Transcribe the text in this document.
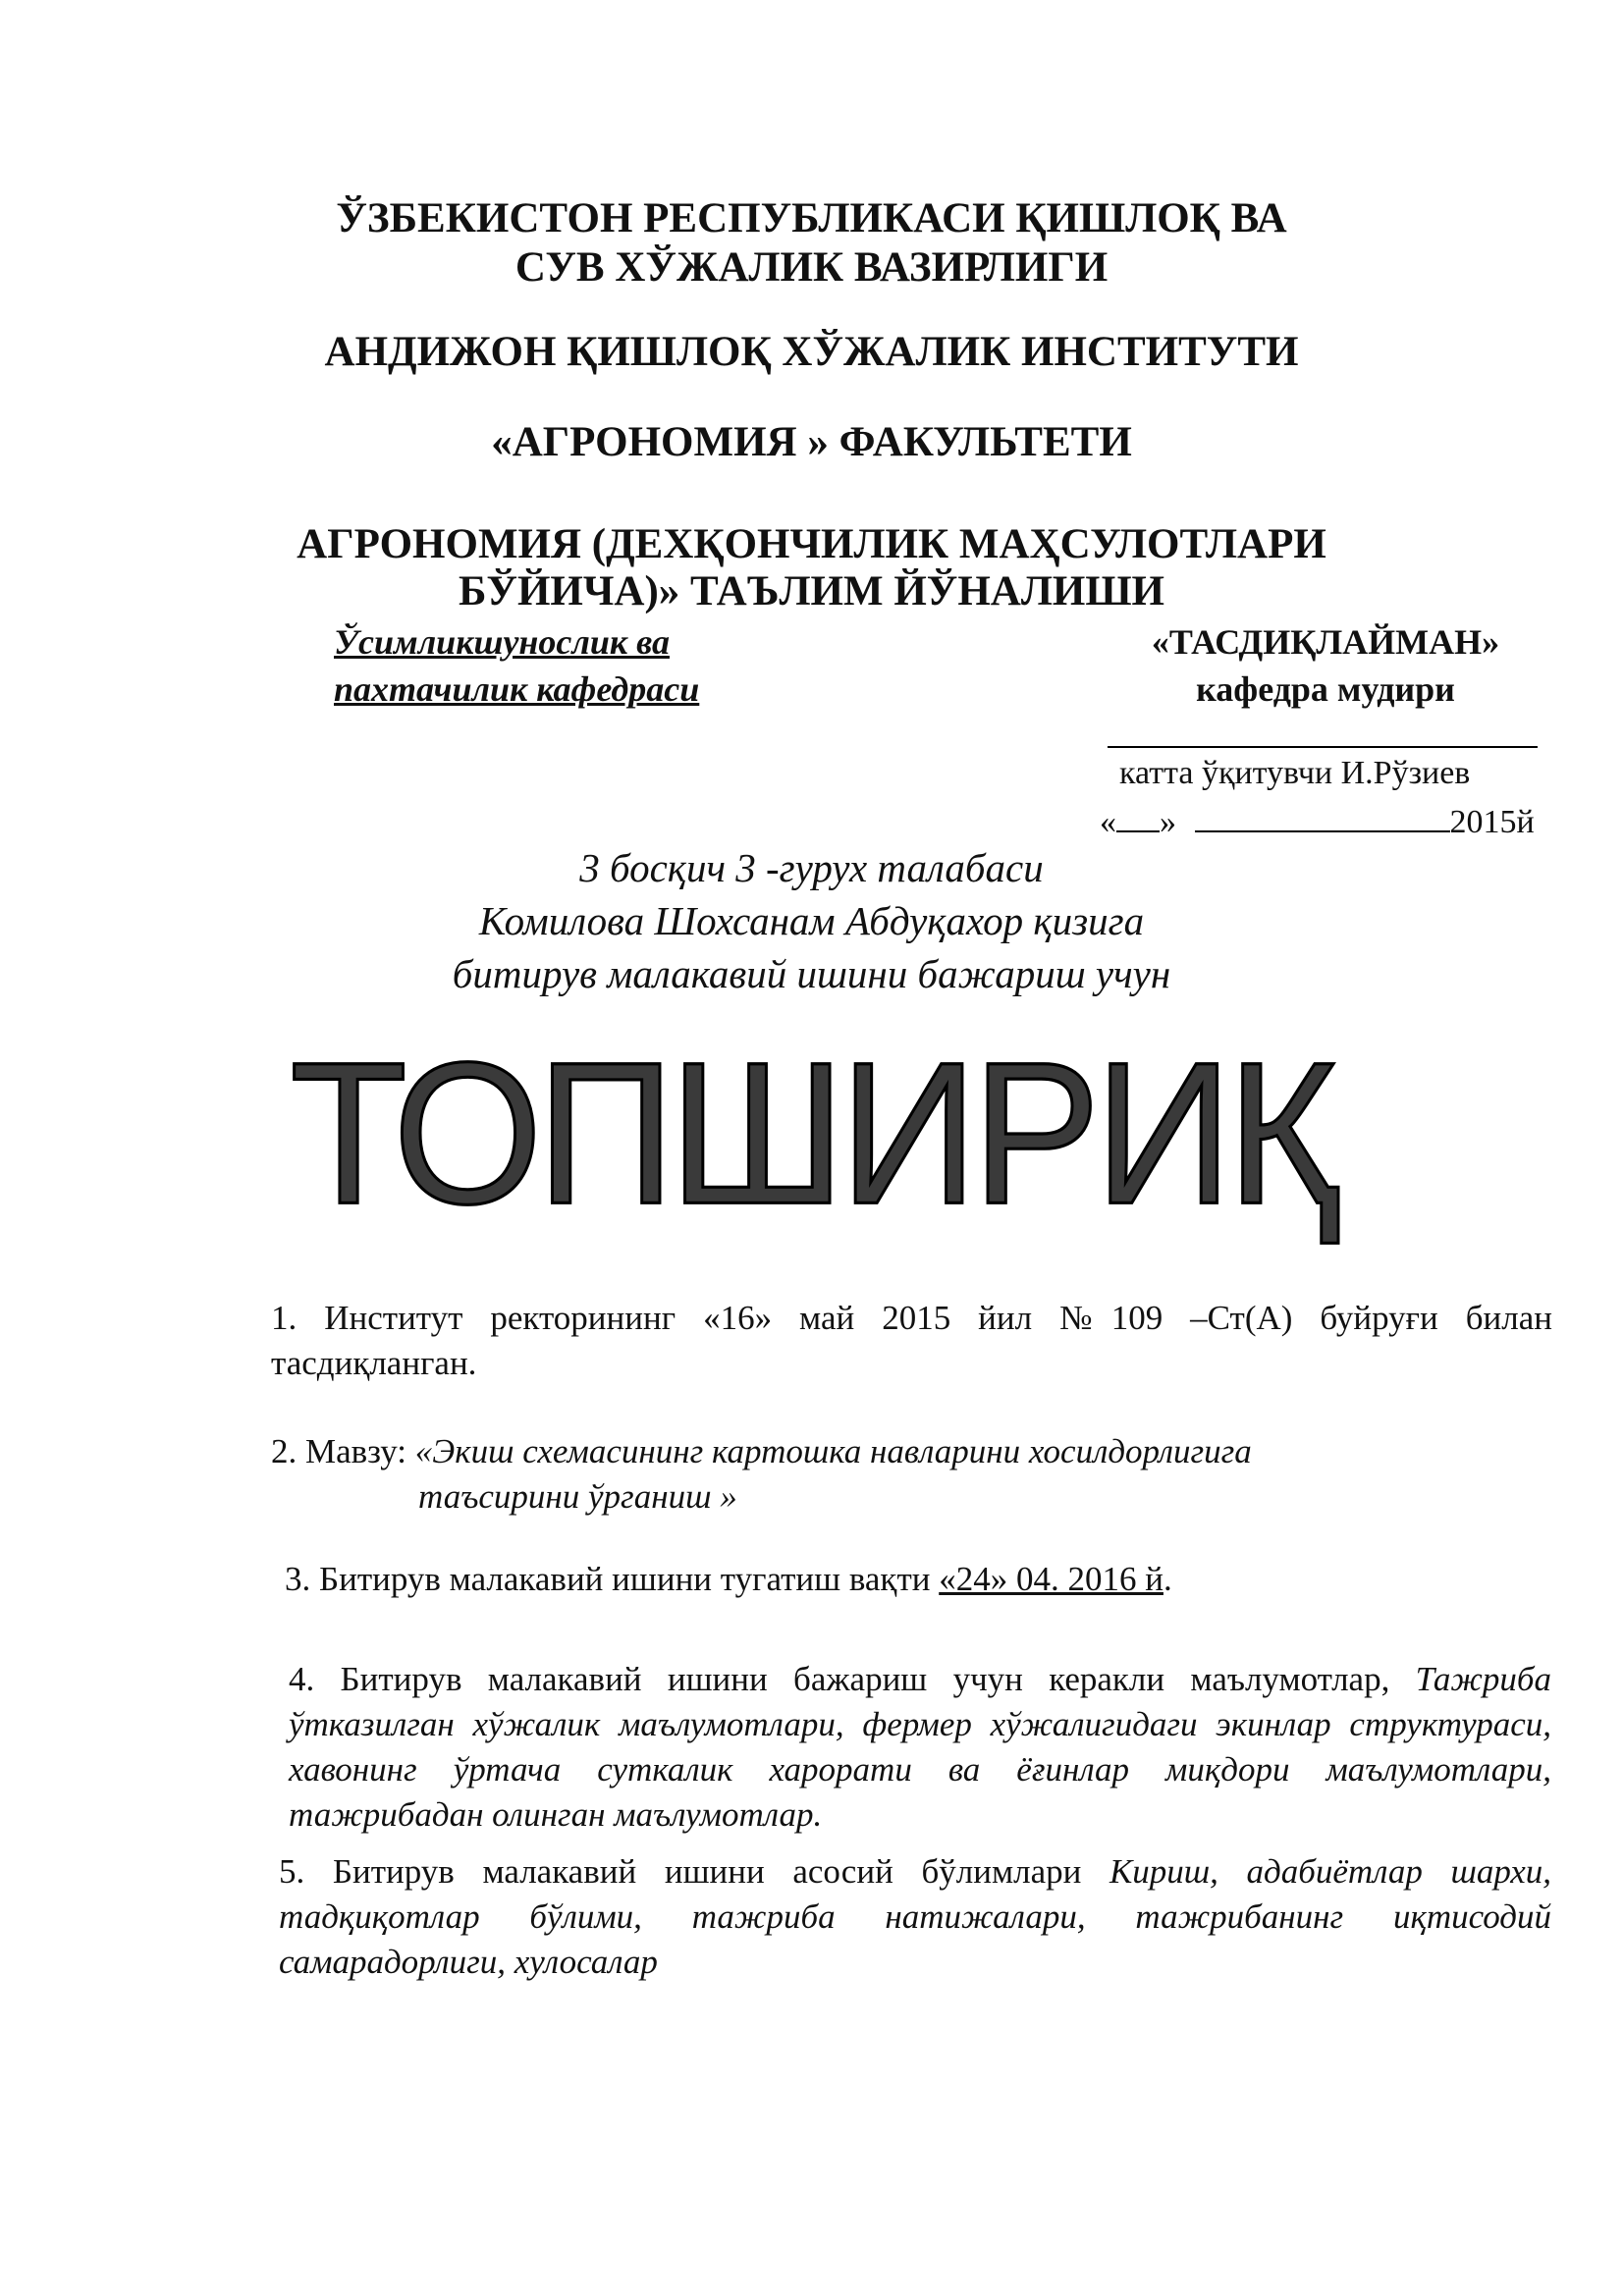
ЎЗБЕКИСТОН РЕСПУБЛИКАСИ ҚИШЛОҚ ВА
СУВ ХЎЖАЛИК ВАЗИРЛИГИ
АНДИЖОН ҚИШЛОҚ ХЎЖАЛИК ИНСТИТУТИ
«АГРОНОМИЯ » ФАКУЛЬТЕТИ
АГРОНОМИЯ (ДЕХҚОНЧИЛИК МАҲСУЛОТЛАРИ
БЎЙИЧА)» ТАЪЛИМ ЙЎНАЛИШИ
Ўсимликшунослик ва
пахтачилик кафедраси
«ТАСДИҚЛАЙМАН»
кафедра мудири
катта ўқитувчи И.Рўзиев
« »	2015й
3 босқич 3 -гурух талабаси
Комилова Шохсанам Абдуқахор қизига
битирув малакавий ишини бажариш учун
ТОПШИРИҚ
1. Институт ректорининг «16» май 2015 йил №109 –Ст(А) буйруғи билан тасдиқланган.
2. Мавзу: «Экиш схемасининг картошка навларини хосилдорлигига
таъсирини ўрганиш »
3. Битирув малакавий ишини тугатиш вақти «24» 04. 2016 й.
4. Битирув малакавий ишини бажариш учун керакли маълумотлар, Тажриба ўтказилган хўжалик маълумотлари, фермер хўжалигидаги экинлар структураси, хавонинг ўртача суткалик харорати ва ёғинлар миқдори маълумотлари, тажрибадан олинган маълумотлар.
5. Битирув малакавий ишини асосий бўлимлари Кириш, адабиётлар шархи, тадқиқотлар бўлими, тажриба натижалари, тажрибанинг иқтисодий самарадорлиги, хулосалар
